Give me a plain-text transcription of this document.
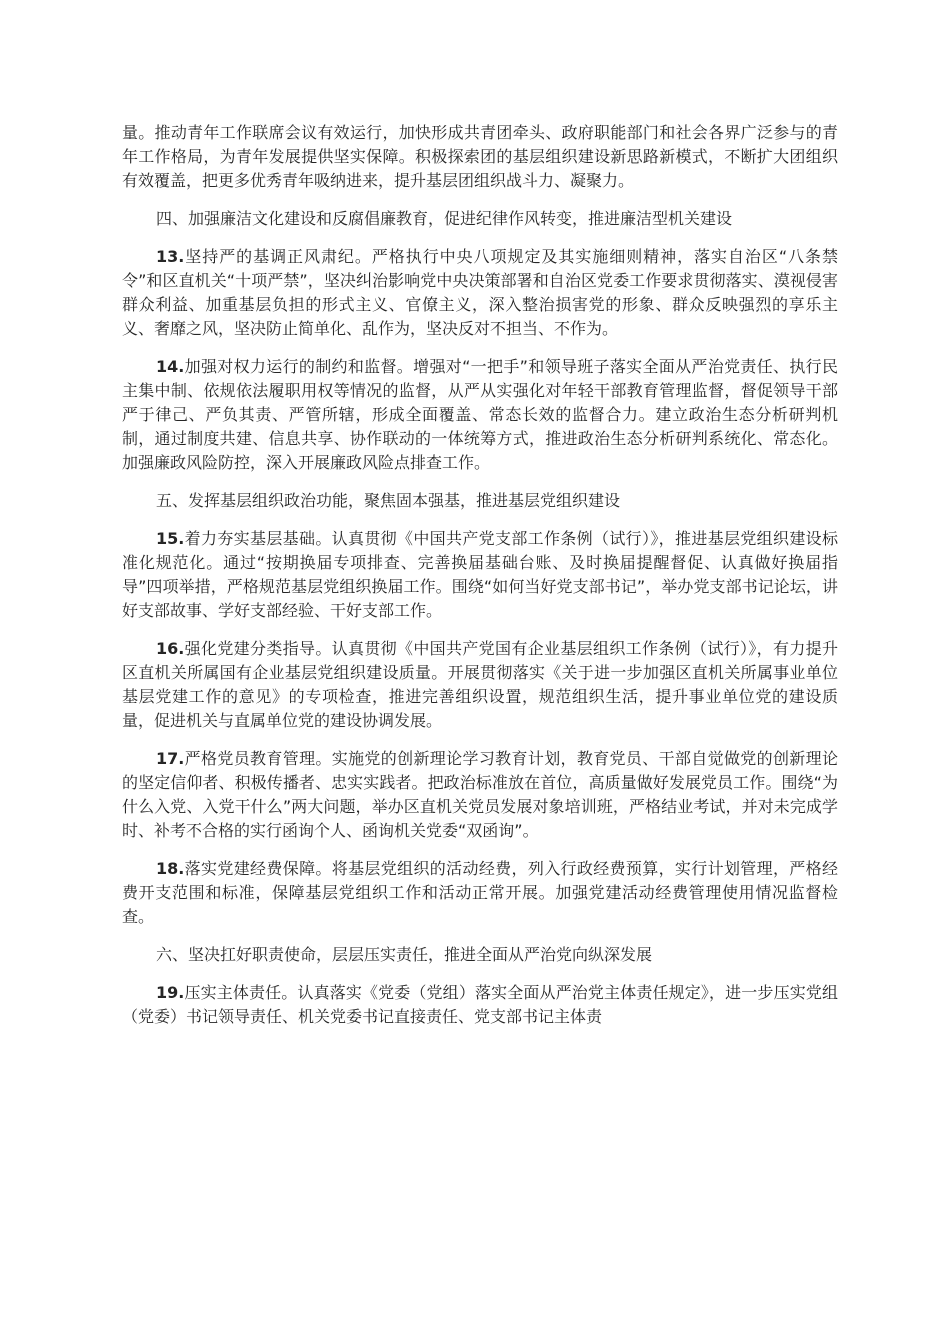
量。推动青年工作联席会议有效运行，加快形成共青团牵头、政府职能部门和社会各界广泛参与的青年工作格局，为青年发展提供坚实保障。积极探索团的基层组织建设新思路新模式，不断扩大团组织有效覆盖，把更多优秀青年吸纳进来，提升基层团组织战斗力、凝聚力。

四、加强廉洁文化建设和反腐倡廉教育，促进纪律作风转变，推进廉洁型机关建设

13.坚持严的基调正风肃纪。严格执行中央八项规定及其实施细则精神，落实自治区“八条禁令”和区直机关“十项严禁”，坚决纠治影响党中央决策部署和自治区党委工作要求贯彻落实、漠视侵害群众利益、加重基层负担的形式主义、官僚主义，深入整治损害党的形象、群众反映强烈的享乐主义、奢靡之风，坚决防止简单化、乱作为，坚决反对不担当、不作为。

14.加强对权力运行的制约和监督。增强对“一把手”和领导班子落实全面从严治党责任、执行民主集中制、依规依法履职用权等情况的监督，从严从实强化对年轻干部教育管理监督，督促领导干部严于律己、严负其责、严管所辖，形成全面覆盖、常态长效的监督合力。建立政治生态分析研判机制，通过制度共建、信息共享、协作联动的一体统筹方式，推进政治生态分析研判系统化、常态化。加强廉政风险防控，深入开展廉政风险点排查工作。

五、发挥基层组织政治功能，聚焦固本强基，推进基层党组织建设

15.着力夯实基层基础。认真贯彻《中国共产党支部工作条例（试行）》，推进基层党组织建设标准化规范化。通过“按期换届专项排查、完善换届基础台账、及时换届提醒督促、认真做好换届指导”四项举措，严格规范基层党组织换届工作。围绕“如何当好党支部书记”，举办党支部书记论坛，讲好支部故事、学好支部经验、干好支部工作。

16.强化党建分类指导。认真贯彻《中国共产党国有企业基层组织工作条例（试行）》，有力提升区直机关所属国有企业基层党组织建设质量。开展贯彻落实《关于进一步加强区直机关所属事业单位基层党建工作的意见》的专项检查，推进完善组织设置，规范组织生活，提升事业单位党的建设质量，促进机关与直属单位党的建设协调发展。

17.严格党员教育管理。实施党的创新理论学习教育计划，教育党员、干部自觉做党的创新理论的坚定信仰者、积极传播者、忠实实践者。把政治标准放在首位，高质量做好发展党员工作。围绕“为什么入党、入党干什么”两大问题，举办区直机关党员发展对象培训班，严格结业考试，并对未完成学时、补考不合格的实行函询个人、函询机关党委“双函询”。

18.落实党建经费保障。将基层党组织的活动经费，列入行政经费预算，实行计划管理，严格经费开支范围和标准，保障基层党组织工作和活动正常开展。加强党建活动经费管理使用情况监督检查。

六、坚决扛好职责使命，层层压实责任，推进全面从严治党向纵深发展

19.压实主体责任。认真落实《党委（党组）落实全面从严治党主体责任规定》，进一步压实党组（党委）书记领导责任、机关党委书记直接责任、党支部书记主体责
